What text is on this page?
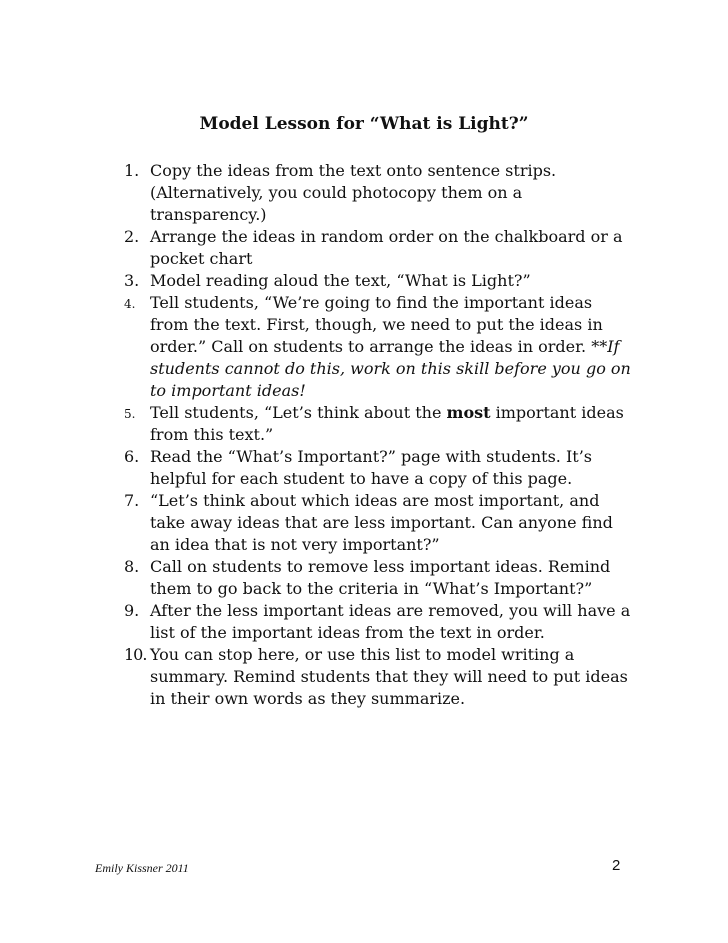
Model Lesson for “What is Light?”
1. Copy the ideas from the text onto sentence strips. (Alternatively, you could photocopy them on a transparency.)
2. Arrange the ideas in random order on the chalkboard or a pocket chart
3. Model reading aloud the text, “What is Light?”
4. Tell students, “We’re going to find the important ideas from the text. First, though, we need to put the ideas in order.” Call on students to arrange the ideas in order. **If students cannot do this, work on this skill before you go on to important ideas!
5. Tell students, “Let’s think about the most important ideas from this text.”
6. Read the “What’s Important?” page with students. It’s helpful for each student to have a copy of this page.
7. “Let’s think about which ideas are most important, and take away ideas that are less important. Can anyone find an idea that is not very important?”
8. Call on students to remove less important ideas. Remind them to go back to the criteria in “What’s Important?”
9. After the less important ideas are removed, you will have a list of the important ideas from the text in order.
10. You can stop here, or use this list to model writing a summary. Remind students that they will need to put ideas in their own words as they summarize.
Emily Kissner 2011	2
